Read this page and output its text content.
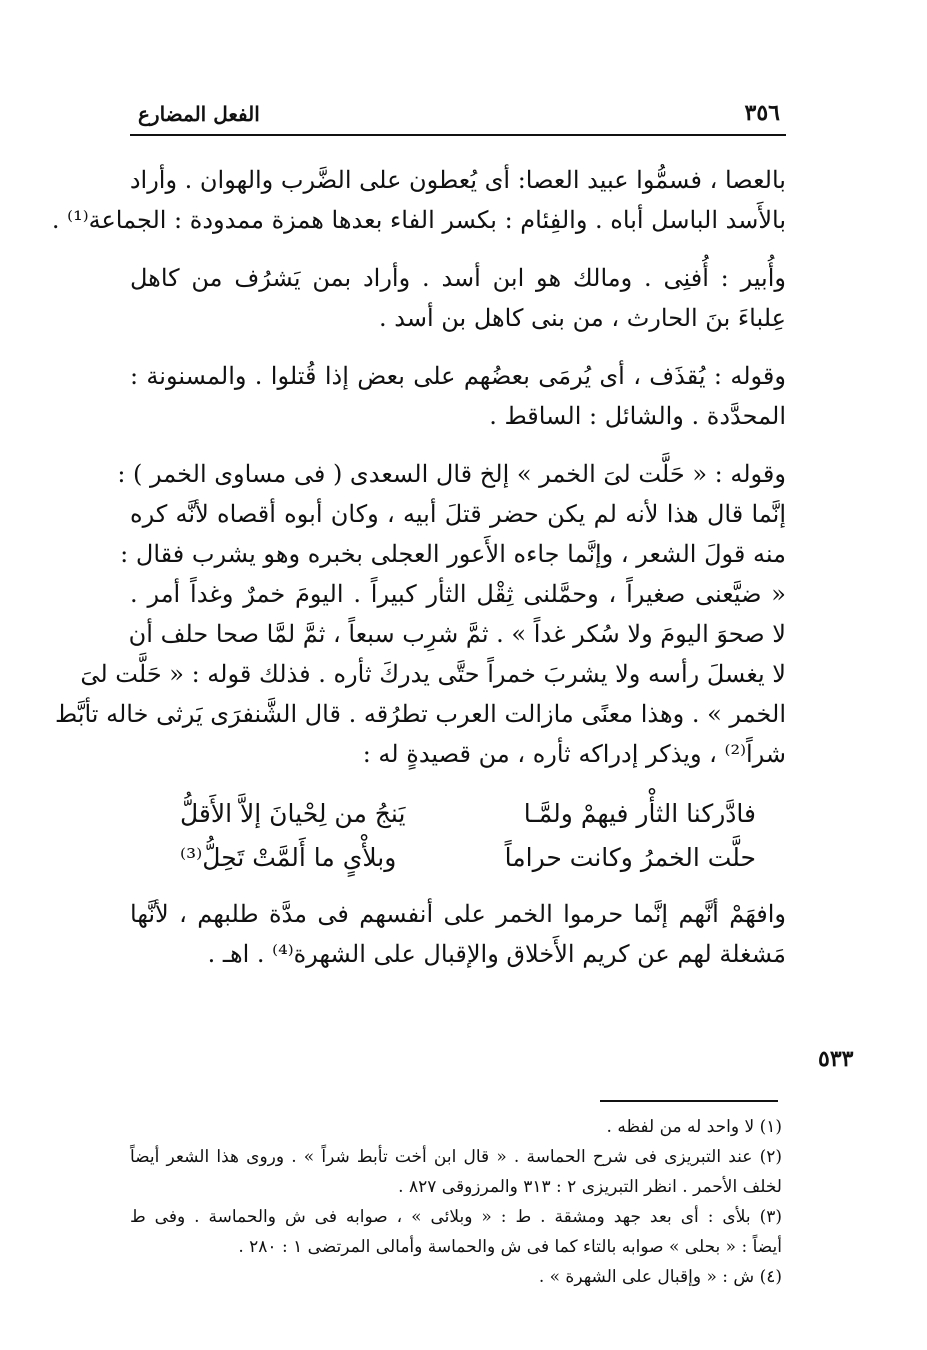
٣٥٦
الفعل المضارع
بالعصا ، فسمُّوا عبيد العصا: أى يُعطون على الضَّرب والهوان . وأراد
بالأَسد الباسل أباه . والفِئام : بكسر الفاء بعدها همزة ممدودة : الجماعة⁽¹⁾ .
وأُبير : أُفنِى . ومالك هو ابن أسد . وأراد بمن يَشرُف من كاهل
عِلباءَ بنَ الحارث ، من بنى كاهل بن أسد .
وقوله : يُقذَف ، أى يُرمَى بعضُهم على بعض إذا قُتلوا . والمسنونة :
المحدَّدة . والشائل : الساقط .
وقوله : « حَلَّت لىَ الخمر » إلخ قال السعدى ( فى مساوى الخمر ) :
إنَّما قال هذا لأنه لم يكن حضر قتلَ أبيه ، وكان أبوه أقصاه لأنَّه كره
منه قولَ الشعر ، وإنَّما جاءه الأَعور العجلى بخبره وهو يشرب فقال :
« ضيَّعنى صغيراً ، وحمَّلنى ثِقْل الثأر كبيراً . اليومَ خمرٌ وغداً أمر .
لا صحوَ اليومَ ولا سُكر غداً » . ثمَّ شرِب سبعاً ، ثمَّ لمَّا صحا حلف أن
لا يغسلَ رأسه ولا يشربَ خمراً حتَّى يدركَ ثأره . فذلك قوله : « حَلَّت لىَ
الخمر » . وهذا معنًى مازالت العرب تطرُقه . قال الشَّنفرَى يَرثى خاله تأبَّط
شراً⁽²⁾ ، ويذكر إدراكه ثأره ، من قصيدةٍ له :
فادَّركنا الثأْر فيهمْ ولمَّـا
يَنجُ من لِحْيانَ إلاَّ الأَقلُّ
حلَّت الخمرُ وكانت حراماً
وبلأْىٍ ما أَلمَّتْ تَحِلُّ⁽³⁾
وافهَمْ أنَّهم إنَّما حرموا الخمر على أنفسهم فى مدَّة طلبهم ، لأنَّها
مَشغلة لهم عن كريم الأَخلاق والإقبال على الشهرة⁽⁴⁾ . اهـ .
٥٣٣
(١) لا واحد له من لفظه .
(٢) عند التبريزى فى شرح الحماسة . « قال ابن أخت تأبط شراً » . وروى هذا الشعر أيضاً
لخلف الأحمر . انظر التبريزى ٢ : ٣١٣ والمرزوقى ٨٢٧ .
(٣) بلأى : أى بعد جهد ومشقة . ط : « وبلائى » ، صوابه فى ش والحماسة . وفى ط
أيضاً : « بحلى » صوابه بالتاء كما فى ش والحماسة وأمالى المرتضى ١ : ٢٨٠ .
(٤) ش : « وإقبال على الشهرة » .
